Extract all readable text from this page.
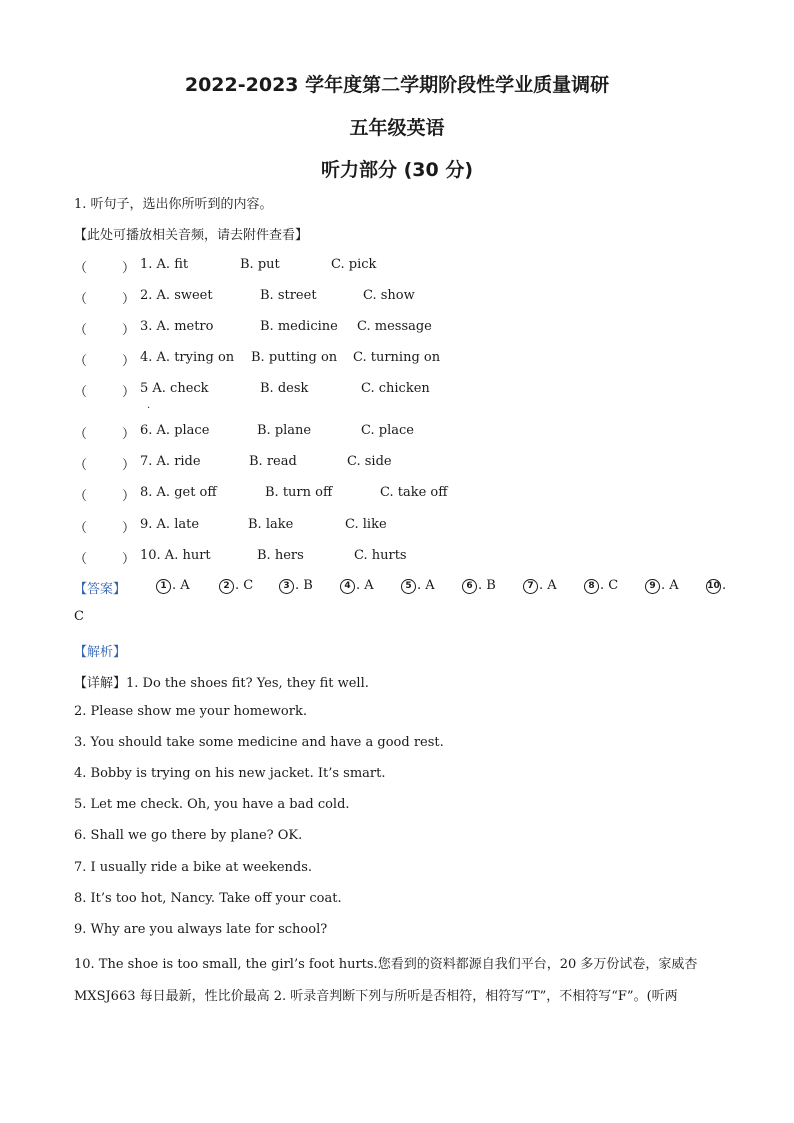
2022-2023 学年度第二学期阶段性学业质量调研
五年级英语
听力部分 (30 分)
1. 听句子，选出你所听到的内容。
【此处可播放相关音频，请去附件查看】
（	） 1. A. fit	B. put	C. pick
（	） 2. A. sweet	B. street	C. show
（	） 3. A. metro	B. medicine C. message
（	） 4. A. trying on B. putting on C. turning on
（	） 5 A. check	B. desk	C. chicken
（	） 6. A. place	B. plane	C. place
（	） 7. A. ride	B. read	C. side
（	） 8. A. get off	B. turn off	C. take off
（	） 9. A. late	B. lake	C. like
（	） 10. A. hurt	B. hers	C. hurts
.
【答案】	1 . A	2 . C	3 . B	4 . A	5 . A	6 . B	7 . A	8 . C	9 . A	10 .
C
【解析】
【详解】1. Do the shoes fit? Yes, they fit well.
2. Please show me your homework.
3. You should take some medicine and have a good rest.
4. Bobby is trying on his new jacket. It’s smart.
5. Let me check. Oh, you have a bad cold.
6. Shall we go there by plane? OK.
7. I usually ride a bike at weekends.
8. It’s too hot, Nancy. Take off your coat.
9. Why are you always late for school?
10. The shoe is too small, the girl’s foot hurts.您看到的资料都源自我们平台，20 多万份试卷，家威杏
MXSJ663 每日最新，性比价最高 2. 听录音判断下列与所听是否相符，相符写“T”，不相符写“F”。(听两
